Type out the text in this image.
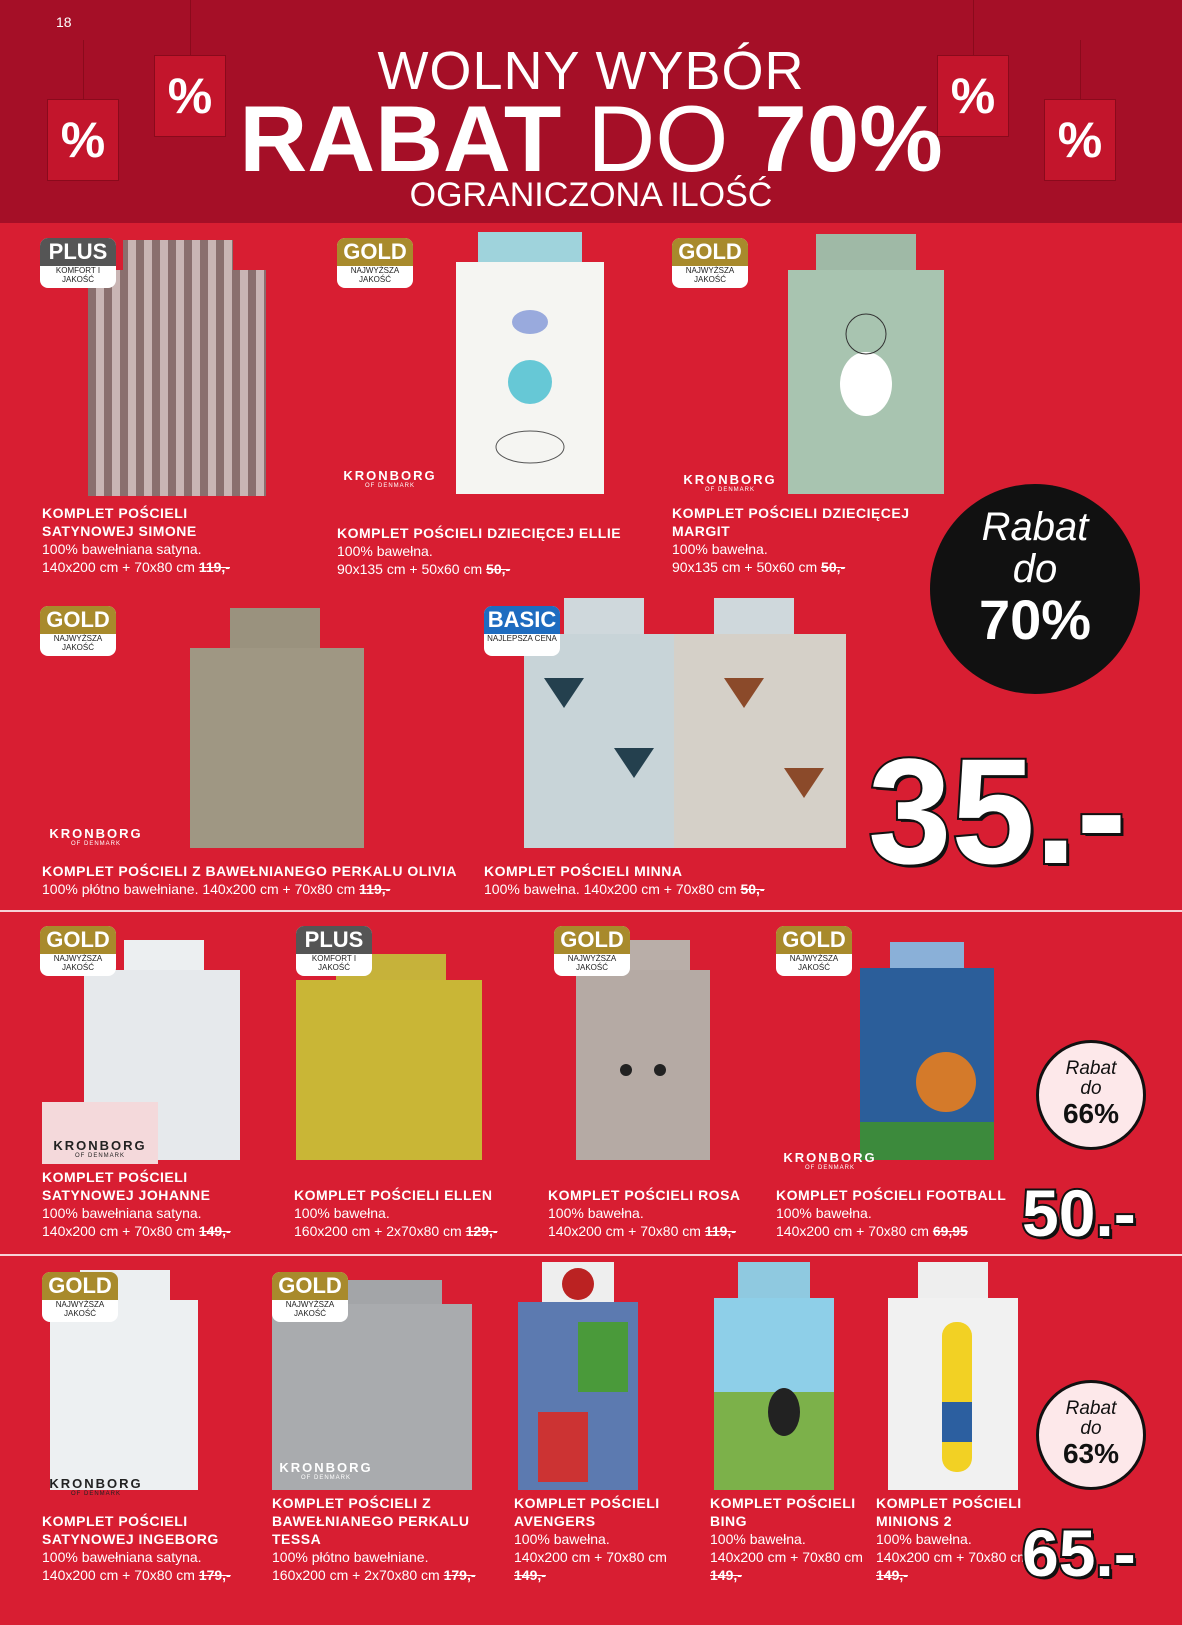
18
%
%	%
%
WOLNY WYBÓR
RABAT DO 70%
OGRANICZONA ILOŚĆ
PLUS
KOMFORT I JAKOŚĆ
KOMPLET POŚCIELI SATYNOWEJ SIMONE
100% bawełniana satyna.
140x200 cm + 70x80 cm 119,-
GOLD
NAJWYŻSZA JAKOŚĆ
KRONBORG
OF DENMARK
KOMPLET POŚCIELI DZIECIĘCEJ ELLIE
100% bawełna.
90x135 cm + 50x60 cm 50,-
GOLD
NAJWYŻSZA JAKOŚĆ
KRONBORG
OF DENMARK
KOMPLET POŚCIELI DZIECIĘCEJ MARGIT
100% bawełna.
90x135 cm + 50x60 cm 50,-
Rabat
do
70%
35.-
GOLD
NAJWYŻSZA JAKOŚĆ
KRONBORG
OF DENMARK
KOMPLET POŚCIELI Z BAWEŁNIANEGO PERKALU OLIVIA
100% płótno bawełniane. 140x200 cm + 70x80 cm 119,-
BASIC
NAJLEPSZA CENA
KOMPLET POŚCIELI MINNA
100% bawełna. 140x200 cm + 70x80 cm 50,-
GOLD
NAJWYŻSZA JAKOŚĆ
KRONBORG
OF DENMARK
KOMPLET POŚCIELI SATYNOWEJ JOHANNE
100% bawełniana satyna.
140x200 cm + 70x80 cm 149,-
PLUS
KOMFORT I JAKOŚĆ
KOMPLET POŚCIELI ELLEN
100% bawełna.
160x200 cm + 2x70x80 cm 129,-
GOLD
NAJWYŻSZA JAKOŚĆ
KOMPLET POŚCIELI ROSA
100% bawełna.
140x200 cm + 70x80 cm 119,-
GOLD
NAJWYŻSZA JAKOŚĆ
KRONBORG
OF DENMARK
KOMPLET POŚCIELI FOOTBALL
100% bawełna.
140x200 cm + 70x80 cm 69,95
Rabat
do
66%
50.-
GOLD
NAJWYŻSZA JAKOŚĆ
KRONBORG
OF DENMARK
KOMPLET POŚCIELI SATYNOWEJ INGEBORG
100% bawełniana satyna.
140x200 cm + 70x80 cm 179,-
GOLD
NAJWYŻSZA JAKOŚĆ
KRONBORG
OF DENMARK
KOMPLET POŚCIELI Z BAWEŁNIANEGO PERKALU TESSA
100% płótno bawełniane.
160x200 cm + 2x70x80 cm 179,-
KOMPLET POŚCIELI AVENGERS
100% bawełna.
140x200 cm + 70x80 cm 149,-
KOMPLET POŚCIELI BING
100% bawełna.
140x200 cm + 70x80 cm 149,-
KOMPLET POŚCIELI MINIONS 2
100% bawełna.
140x200 cm + 70x80 cm 149,-
Rabat
do
63%
65.-
